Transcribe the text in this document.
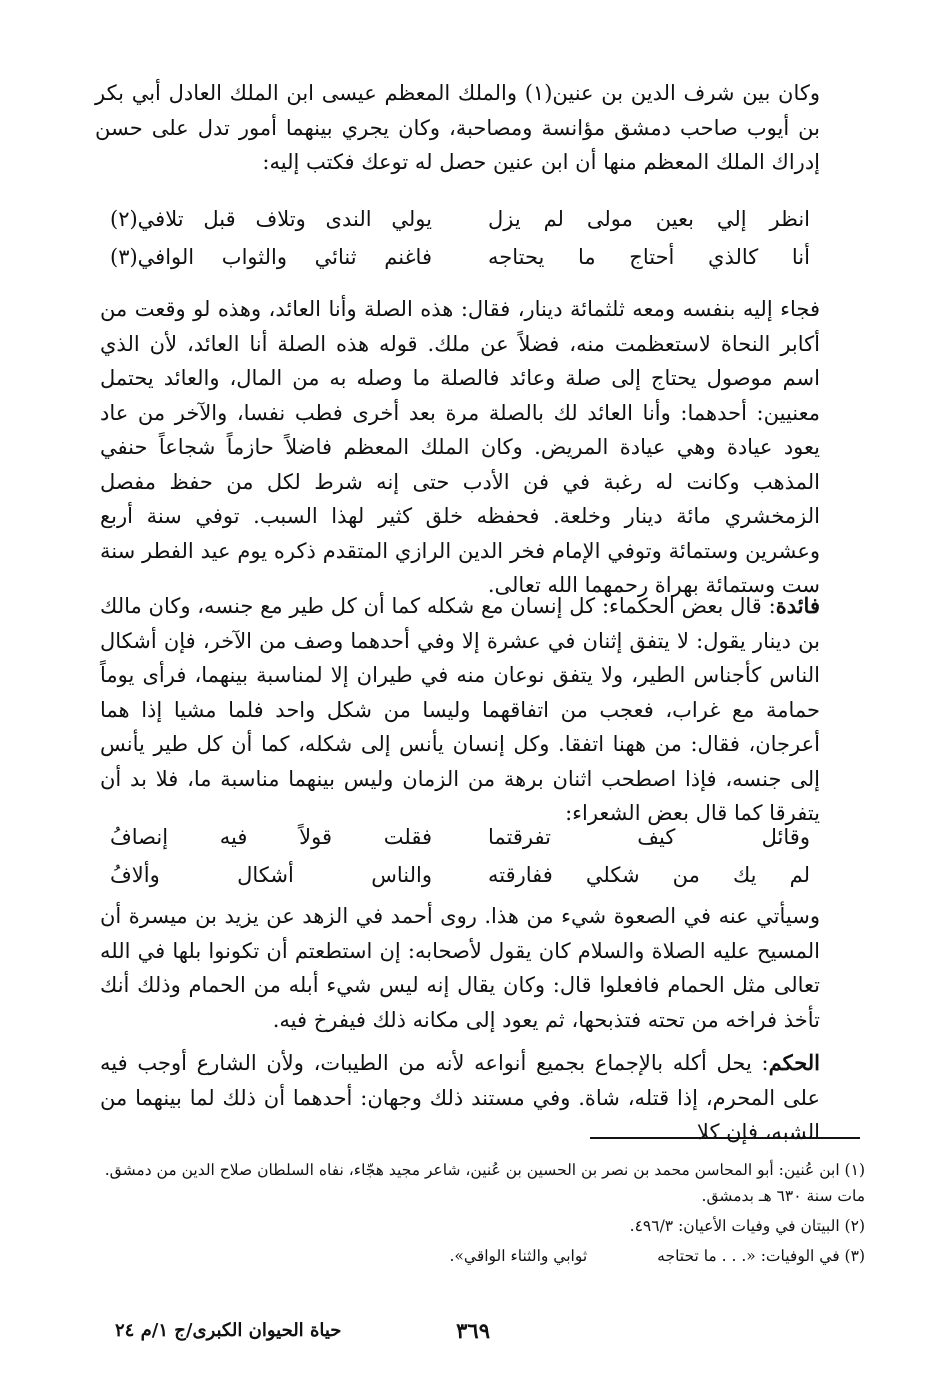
وكان بين شرف الدين بن عنين(١) والملك المعظم عيسى ابن الملك العادل أبي بكر بن أيوب صاحب دمشق مؤانسة ومصاحبة، وكان يجري بينهما أمور تدل على حسن إدراك الملك المعظم منها أن ابن عنين حصل له توعك فكتب إليه:

انظر إلي بعين مولى لم يزل
يولي الندى وتلاف قبل تلافي(٢)
أنا كالذي أحتاج ما يحتاجه
فاغنم ثنائي والثواب الوافي(٣)

فجاء إليه بنفسه ومعه ثلثمائة دينار، فقال: هذه الصلة وأنا العائد، وهذه لو وقعت من أكابر النحاة لاستعظمت منه، فضلاً عن ملك. قوله هذه الصلة أنا العائد، لأن الذي اسم موصول يحتاج إلى صلة وعائد فالصلة ما وصله به من المال، والعائد يحتمل معنيين: أحدهما: وأنا العائد لك بالصلة مرة بعد أخرى فطب نفسا، والآخر من عاد يعود عيادة وهي عيادة المريض. وكان الملك المعظم فاضلاً حازماً شجاعاً حنفي المذهب وكانت له رغبة في فن الأدب حتى إنه شرط لكل من حفظ مفصل الزمخشري مائة دينار وخلعة. فحفظه خلق كثير لهذا السبب. توفي سنة أربع وعشرين وستمائة وتوفي الإمام فخر الدين الرازي المتقدم ذكره يوم عيد الفطر سنة ست وستمائة بهراة رحمهما الله تعالى.

فائدة: قال بعض الحكماء: كل إنسان مع شكله كما أن كل طير مع جنسه، وكان مالك بن دينار يقول: لا يتفق إثنان في عشرة إلا وفي أحدهما وصف من الآخر، فإن أشكال الناس كأجناس الطير، ولا يتفق نوعان منه في طيران إلا لمناسبة بينهما، فرأى يوماً حمامة مع غراب، فعجب من اتفاقهما وليسا من شكل واحد فلما مشيا إذا هما أعرجان، فقال: من ههنا اتفقا. وكل إنسان يأنس إلى شكله، كما أن كل طير يأنس إلى جنسه، فإذا اصطحب اثنان برهة من الزمان وليس بينهما مناسبة ما، فلا بد أن يتفرقا كما قال بعض الشعراء:

وقائل كيف تفرقتما
فقلت قولاً فيه إنصافُ
لم يك من شكلي ففارقته
والناس أشكال وألافُ

وسيأتي عنه في الصعوة شيء من هذا. روى أحمد في الزهد عن يزيد بن ميسرة أن المسيح عليه الصلاة والسلام كان يقول لأصحابه: إن استطعتم أن تكونوا بلها في الله تعالى مثل الحمام فافعلوا قال: وكان يقال إنه ليس شيء أبله من الحمام وذلك أنك تأخذ فراخه من تحته فتذبحها، ثم يعود إلى مكانه ذلك فيفرخ فيه.

الحكم: يحل أكله بالإجماع بجميع أنواعه لأنه من الطيبات، ولأن الشارع أوجب فيه على المحرم، إذا قتله، شاة. وفي مستند ذلك وجهان: أحدهما أن ذلك لما بينهما من الشبه، فإن كلا

(١) ابن عُنين: أبو المحاسن محمد بن نصر بن الحسين بن عُنين، شاعر مجيد هجّاء، نفاه السلطان صلاح الدين من دمشق. مات سنة ٦٣٠ هـ بدمشق.

(٢) البيتان في وفيات الأعيان: ٤٩٦/٣.

(٣) في الوفيات: «. . . ما تحتاجه
ثوابي والثناء الواقي».
٣٦٩
حياة الحيوان الكبرى/ج ١/م ٢٤
